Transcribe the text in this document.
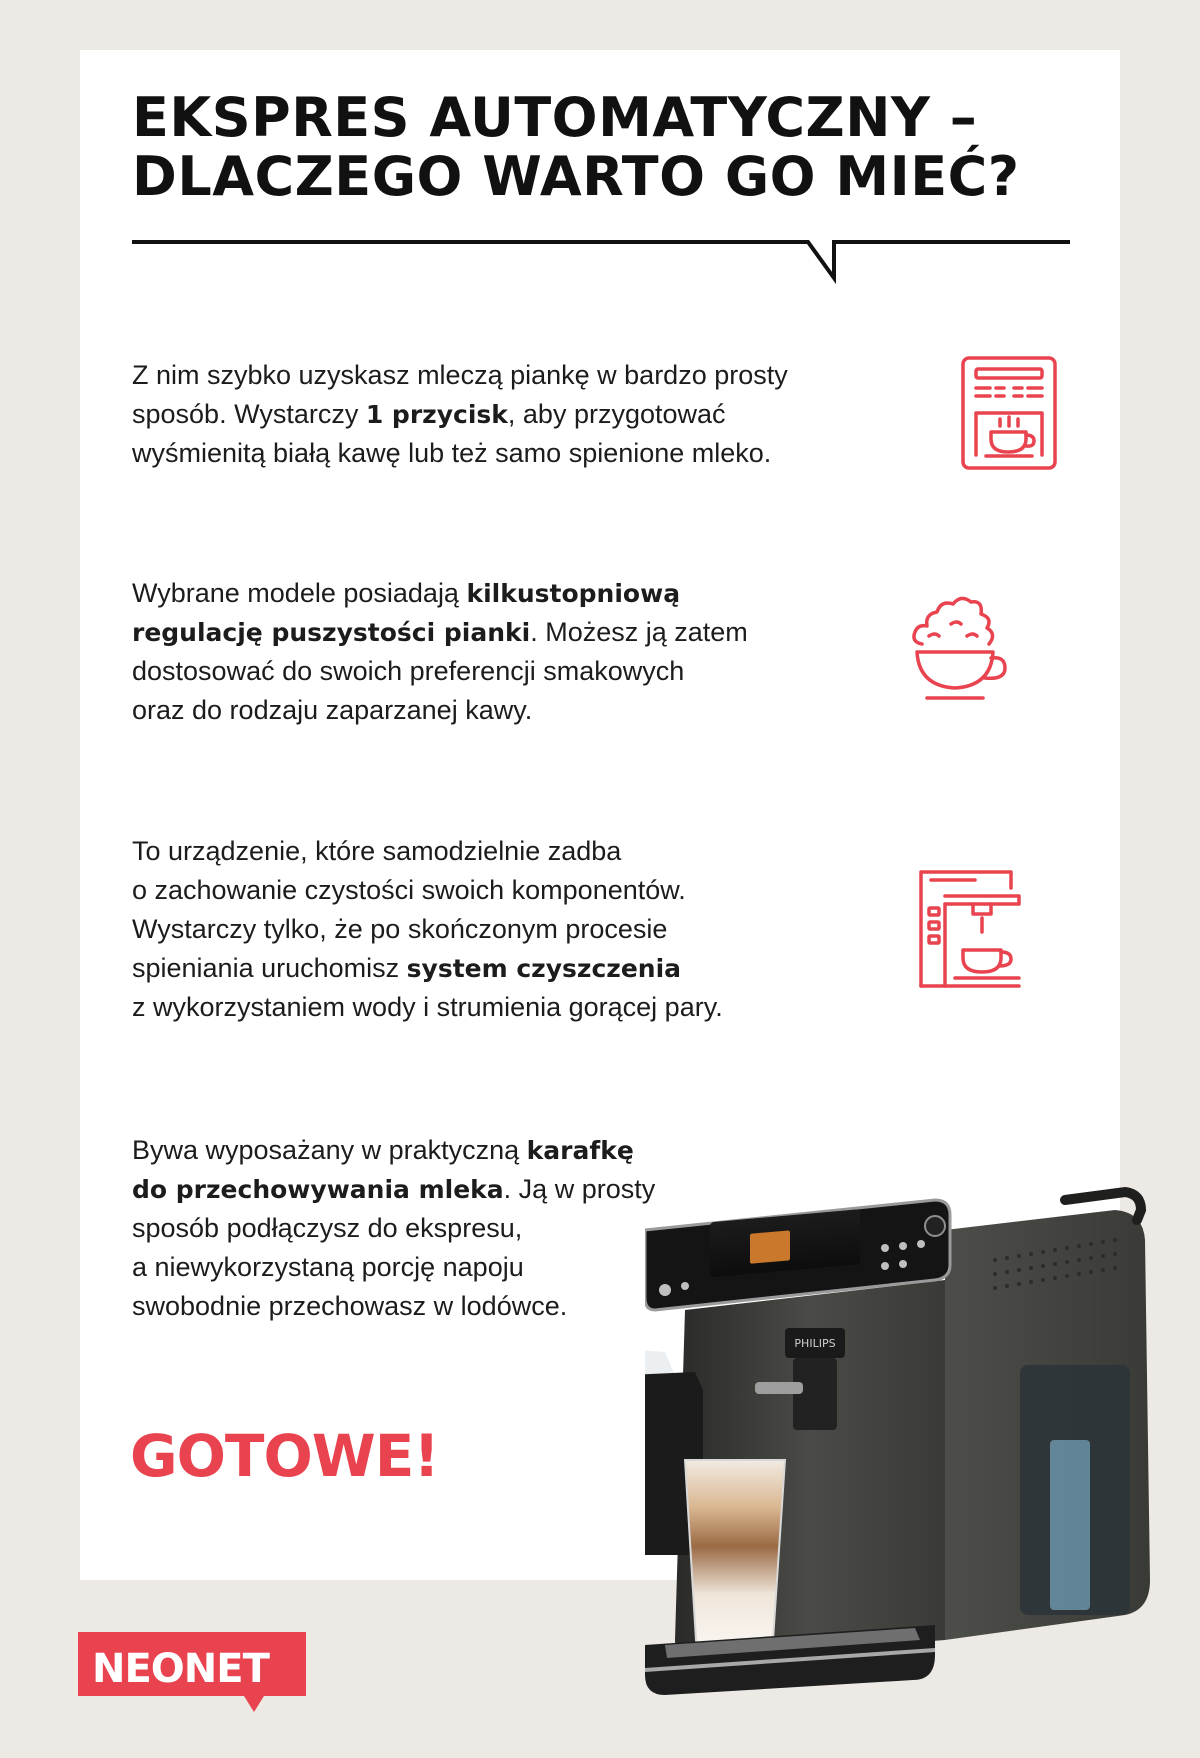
EKSPRES AUTOMATYCZNY –
DLACZEGO WARTO GO MIEĆ?

Z nim szybko uzyskasz mleczą piankę w bardzo prosty
sposób. Wystarczy 1 przycisk, aby przygotować
wyśmienitą białą kawę lub też samo spienione mleko.

Wybrane modele posiadają kilkustopniową
regulację puszystości pianki. Możesz ją zatem
dostosować do swoich preferencji smakowych
oraz do rodzaju zaparzanej kawy.

To urządzenie, które samodzielnie zadba
o zachowanie czystości swoich komponentów.
Wystarczy tylko, że po skończonym procesie
spieniania uruchomisz system czyszczenia
z wykorzystaniem wody i strumienia gorącej pary.

Bywa wyposażany w praktyczną karafkę
do przechowywania mleka. Ją w prosty
sposób podłączysz do ekspresu,
a niewykorzystaną porcję napoju
swobodnie przechowasz w lodówce.

GOTOWE!

PHILIPS
NEONET
